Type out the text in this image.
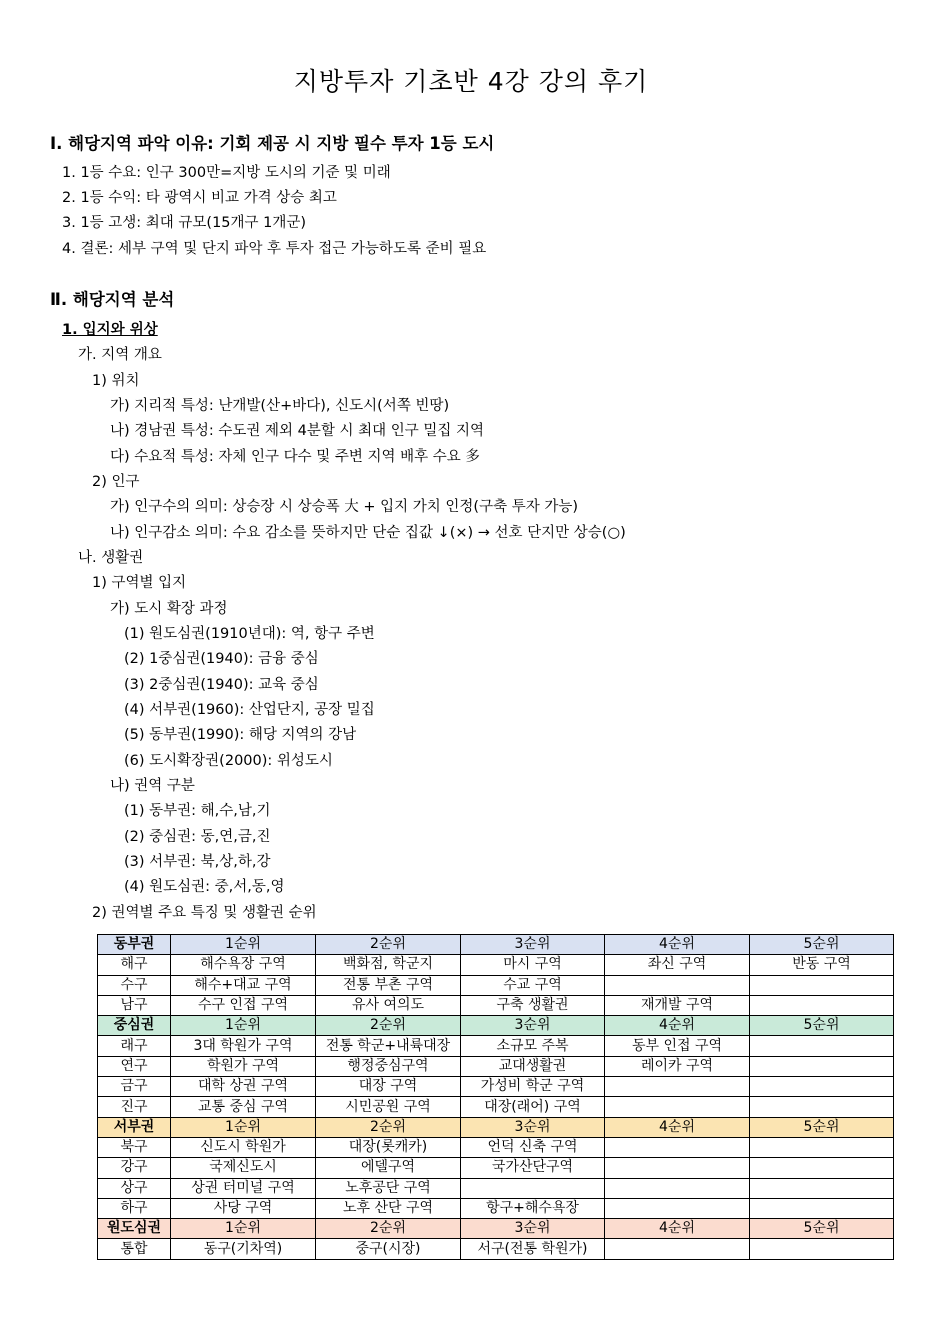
지방투자 기초반 4강 강의 후기
Ⅰ. 해당지역 파악 이유: 기회 제공 시 지방 필수 투자 1등 도시
1. 1등 수요: 인구 300만=지방 도시의 기준 및 미래
2. 1등 수익: 타 광역시 비교 가격 상승 최고
3. 1등 고생: 최대 규모(15개구 1개군)
4. 결론: 세부 구역 및 단지 파악 후 투자 접근 가능하도록 준비 필요
Ⅱ. 해당지역 분석
1. 입지와 위상
가. 지역 개요
1) 위치
가) 지리적 특성: 난개발(산+바다), 신도시(서쪽 빈땅)
나) 경남권 특성: 수도권 제외 4분할 시 최대 인구 밀집 지역
다) 수요적 특성: 자체 인구 다수 및 주변 지역 배후 수요 多
2) 인구
가) 인구수의 의미: 상승장 시 상승폭 大 + 입지 가치 인정(구축 투자 가능)
나) 인구감소 의미: 수요 감소를 뜻하지만 단순 집값 ↓(×) → 선호 단지만 상승(○)
나. 생활권
1) 구역별 입지
가) 도시 확장 과정
(1) 원도심권(1910년대): 역, 항구 주변
(2) 1중심권(1940): 금융 중심
(3) 2중심권(1940): 교육 중심
(4) 서부권(1960): 산업단지, 공장 밀집
(5) 동부권(1990): 해당 지역의 강남
(6) 도시확장권(2000): 위성도시
나) 권역 구분
(1) 동부권: 해,수,남,기
(2) 중심권: 동,연,금,진
(3) 서부권: 북,상,하,강
(4) 원도심권: 중,서,동,영
2) 권역별 주요 특징 및 생활권 순위
동부권	1순위	2순위	3순위	4순위	5순위
해구	해수욕장 구역	백화점, 학군지	마시 구역	좌신 구역	반동 구역
수구	해수+대교 구역	전통 부촌 구역	수교 구역		
남구	수구 인접 구역	유사 여의도	구축 생활권	재개발 구역	
중심권	1순위	2순위	3순위	4순위	5순위
래구	3대 학원가 구역	전통 학군+내륙대장	소규모 주복	동부 인접 구역	
연구	학원가 구역	행정중심구역	교대생활권	레이카 구역	
금구	대학 상권 구역	대장 구역	가성비 학군 구역		
진구	교통 중심 구역	시민공원 구역	대장(래어) 구역		
서부권	1순위	2순위	3순위	4순위	5순위
북구	신도시 학원가	대장(롯캐카)	언덕 신축 구역		
강구	국제신도시	에델구역	국가산단구역		
상구	상권 터미널 구역	노후공단 구역			
하구	사당 구역	노후 산단 구역	항구+해수욕장		
원도심권	1순위	2순위	3순위	4순위	5순위
통합	동구(기차역)	중구(시장)	서구(전통 학원가)		
